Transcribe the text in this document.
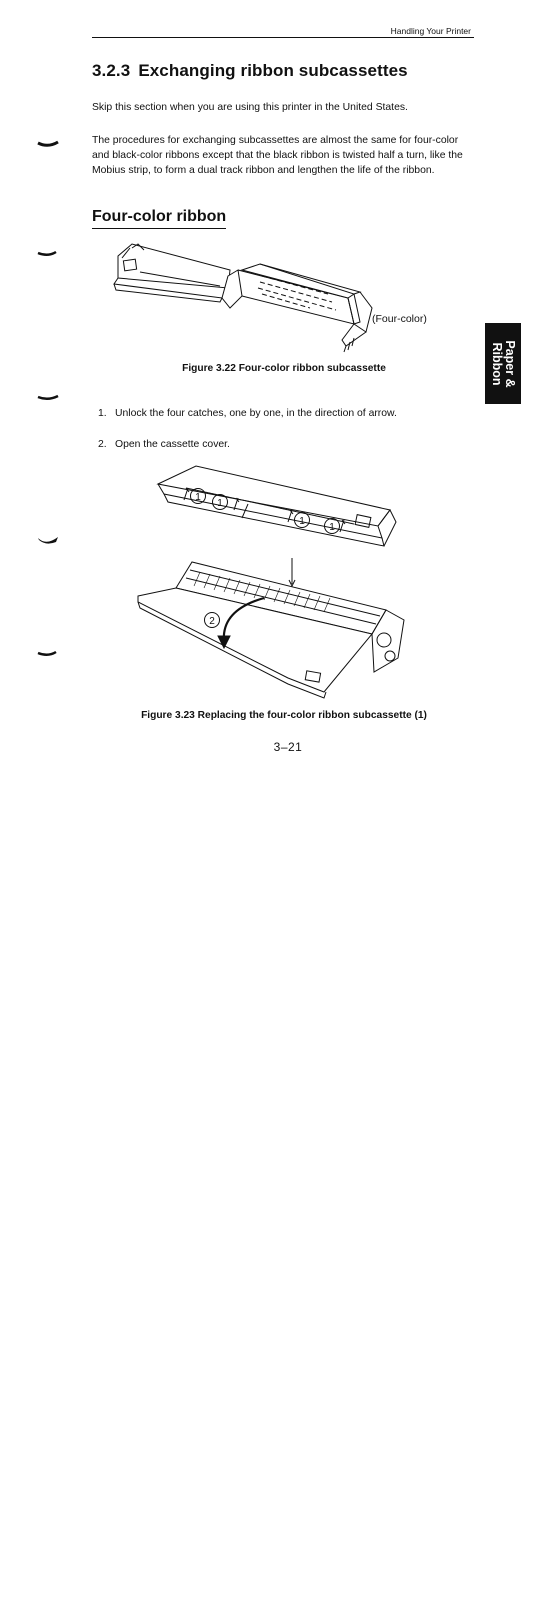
Handling Your Printer
3.2.3 Exchanging ribbon subcassettes
Skip this section when you are using this printer in the United States.
The procedures for exchanging subcassettes are almost the same for four-color and black-color ribbons except that the black ribbon is twisted half a turn, like the Mobius strip, to form a dual track ribbon and lengthen the life of the ribbon.
Four-color ribbon
(Four-color)
Figure 3.22 Four-color ribbon subcassette	Paper &
Ribbon
1. Unlock the four catches, one by one, in the direction of arrow.
2. Open the cassette cover.
1
1
1
1
2
Figure 3.23 Replacing the four-color ribbon subcassette (1)
3–21
